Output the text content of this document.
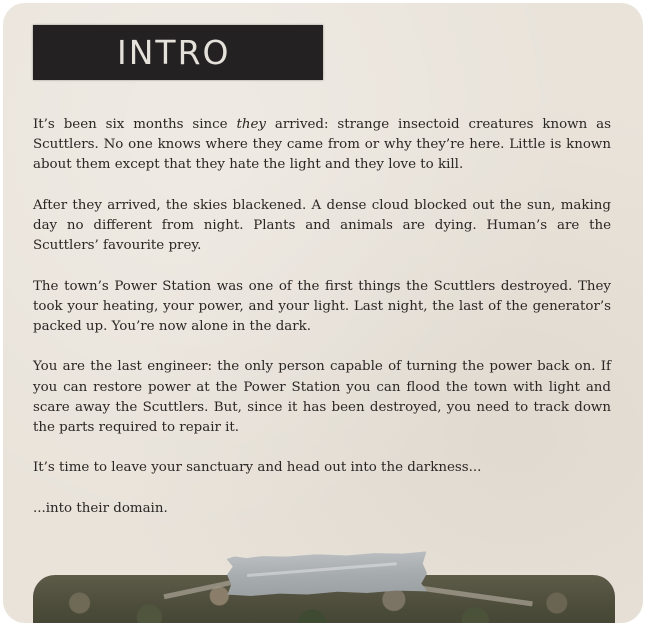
INTRO

It’s been six months since they arrived: strange insectoid creatures known as Scuttlers. No one knows where they came from or why they’re here. Little is known about them except that they hate the light and they love to kill.

After they arrived, the skies blackened. A dense cloud blocked out the sun, making day no different from night. Plants and animals are dying. Human’s are the Scuttlers’ favourite prey.

The town’s Power Station was one of the first things the Scuttlers destroyed. They took your heating, your power, and your light. Last night, the last of the generator’s packed up. You’re now alone in the dark.

You are the last engineer: the only person capable of turning the power back on. If you can restore power at the Power Station you can flood the town with light and scare away the Scuttlers. But, since it has been destroyed, you need to track down the parts required to repair it.

It’s time to leave your sanctuary and head out into the darkness...

...into their domain.
